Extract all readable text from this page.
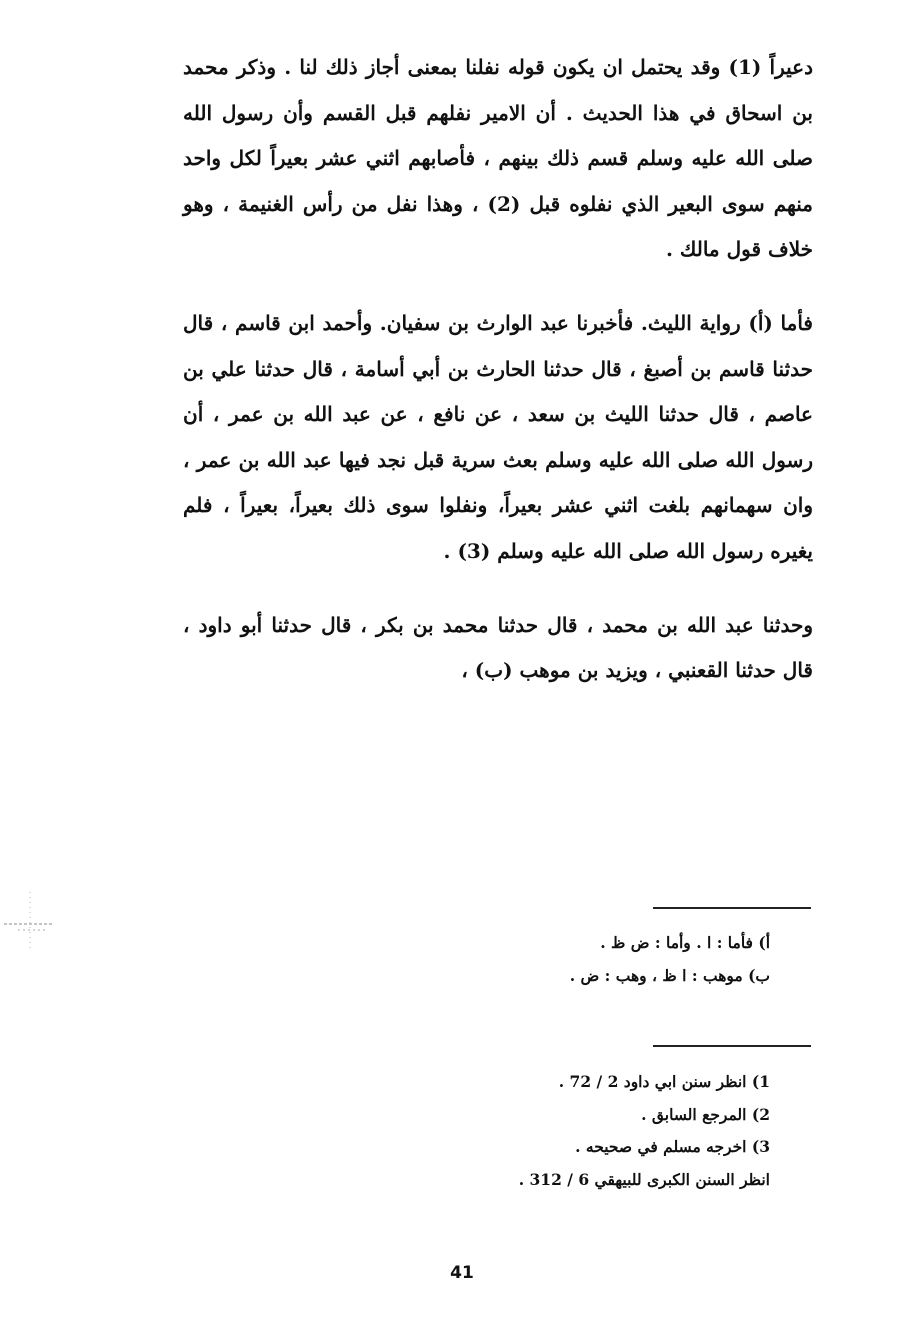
دعيراً (1) وقد يحتمل ان يكون قوله نفلنا بمعنى أجاز ذلك لنا . وذكر محمد بن اسحاق في هذا الحديث . أن الامير نفلهم قبل القسم وأن رسول الله صلى الله عليه وسلم قسم ذلك بينهم ، فأصابهم اثني عشر بعيراً لكل واحد منهم سوى البعير الذي نفلوه قبل (2) ، وهذا نفل من رأس الغنيمة ، وهو خلاف قول مالك .

فأما (أ) رواية الليث. فأخبرنا عبد الوارث بن سفيان. وأحمد ابن قاسم ، قال حدثنا قاسم بن أصبغ ، قال حدثنا الحارث بن أبي أسامة ، قال حدثنا علي بن عاصم ، قال حدثنا الليث بن سعد ، عن نافع ، عن عبد الله بن عمر ، أن رسول الله صلى الله عليه وسلم بعث سرية قبل نجد فيها عبد الله بن عمر ، وان سهمانهم بلغت اثني عشر بعيراً، ونفلوا سوى ذلك بعيراً، بعيراً ، فلم يغيره رسول الله صلى الله عليه وسلم (3) .

وحدثنا عبد الله بن محمد ، قال حدثنا محمد بن بكر ، قال حدثنا أبو داود ، قال حدثنا القعنبي ، ويزيد بن موهب (ب) ،

أ) فأما : ا . وأما : ض ظ .
ب) موهب : ا ظ ، وهب : ض .
1) انظر سنن ابي داود 2 / 72 .
2) المرجع السابق .
3) اخرجه مسلم في صحيحه .
انظر السنن الكبرى للبيهقي 6 / 312 .
41
